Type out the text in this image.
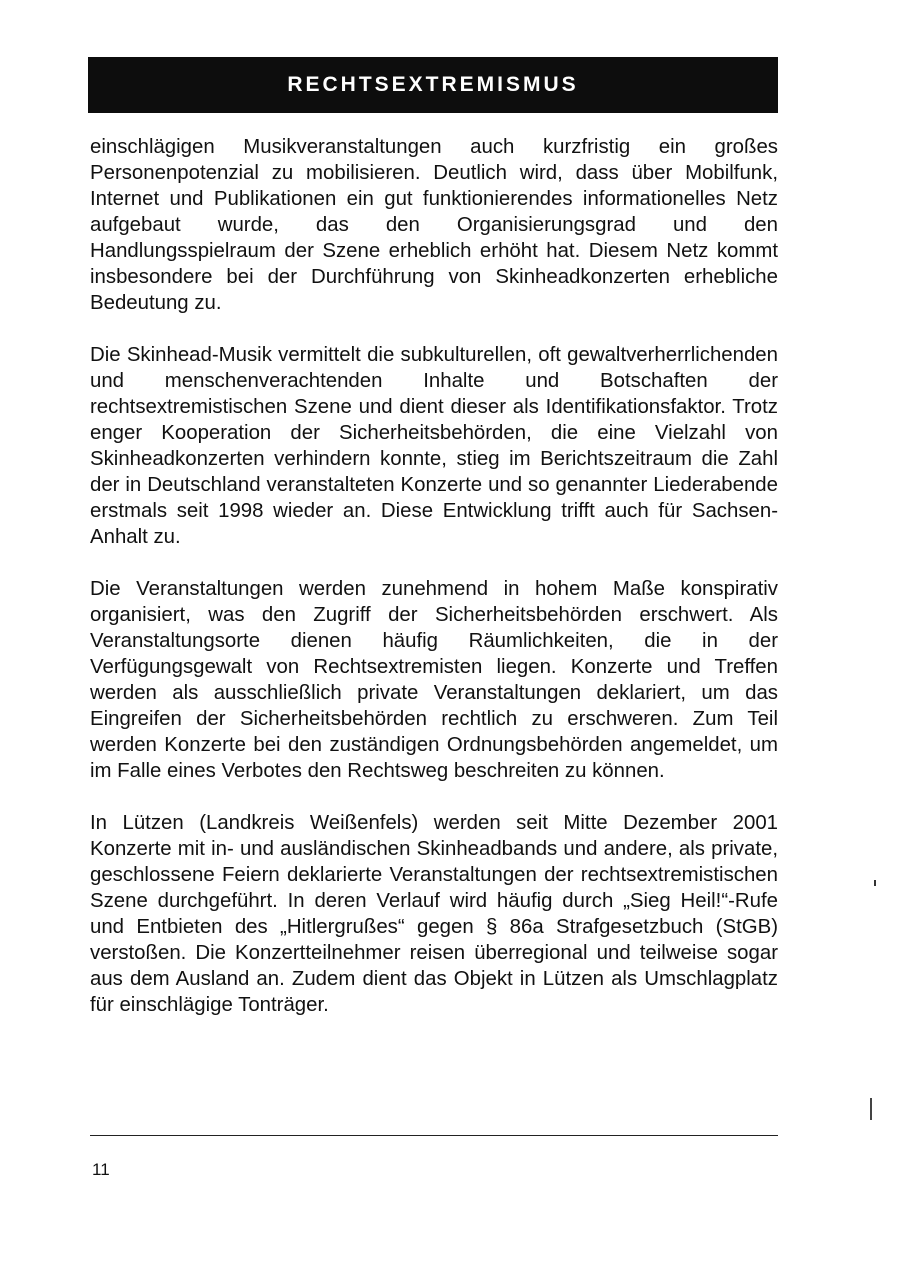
RECHTSEXTREMISMUS

einschlägigen Musikveranstaltungen auch kurzfristig ein großes Personenpotenzial zu mobilisieren. Deutlich wird, dass über Mobilfunk, Internet und Publikationen ein gut funktionierendes informationelles Netz aufgebaut wurde, das den Organisierungsgrad und den Handlungsspielraum der Szene erheblich erhöht hat. Diesem Netz kommt insbesondere bei der Durchführung von Skinheadkonzerten erhebliche Bedeutung zu.

Die Skinhead-Musik vermittelt die subkulturellen, oft gewaltverherrlichenden und menschenverachtenden Inhalte und Botschaften der rechtsextremistischen Szene und dient dieser als Identifikationsfaktor. Trotz enger Kooperation der Sicherheitsbehörden, die eine Vielzahl von Skinheadkonzerten verhindern konnte, stieg im Berichtszeitraum die Zahl der in Deutschland veranstalteten Konzerte und so genannter Liederabende erstmals seit 1998 wieder an. Diese Entwicklung trifft auch für Sachsen-Anhalt zu.

Die Veranstaltungen werden zunehmend in hohem Maße konspirativ organisiert, was den Zugriff der Sicherheitsbehörden erschwert. Als Veranstaltungsorte dienen häufig Räumlichkeiten, die in der Verfügungsgewalt von Rechtsextremisten liegen. Konzerte und Treffen werden als ausschließlich private Veranstaltungen deklariert, um das Eingreifen der Sicherheitsbehörden rechtlich zu erschweren. Zum Teil werden Konzerte bei den zuständigen Ordnungsbehörden angemeldet, um im Falle eines Verbotes den Rechtsweg beschreiten zu können.

In Lützen (Landkreis Weißenfels) werden seit Mitte Dezember 2001 Konzerte mit in- und ausländischen Skinheadbands und andere, als private, geschlossene Feiern deklarierte Veranstaltungen der rechtsextremistischen Szene durchgeführt. In deren Verlauf wird häufig durch „Sieg Heil!“-Rufe und Entbieten des „Hitlergrußes“ gegen § 86a Strafgesetzbuch (StGB) verstoßen. Die Konzertteilnehmer reisen überregional und teilweise sogar aus dem Ausland an. Zudem dient das Objekt in Lützen als Umschlagplatz für einschlägige Tonträger.

11
